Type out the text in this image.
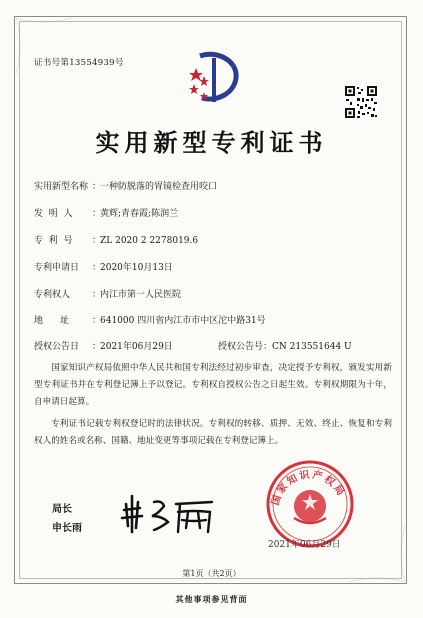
证书号第13554939号
实用新型专利证书
实用新型名称 ：一种防脱落的胃镜检查用咬口
发  明  人 ：黄辉;青春霞;陈润兰
专  利  号 ：ZL 2020 2 2278019.6
专利申请日 ：2020年10月13日
专利权人 ：内江市第一人民医院
地      址	：641000 四川省内江市市中区沱中路31号
授权公告日 ：2021年06月29日	授权公告号：CN 213551644 U
国家知识产权局依照中华人民共和国专利法经过初步审查，决定授予专利权，颁发实用新型专利证书并在专利登记簿上予以登记。专利权自授权公告之日起生效。专利权期限为十年，自申请日起算。
专利证书记载专利权登记时的法律状况。专利权的转移、质押、无效、终止、恢复和专利权人的姓名或名称、国籍、地址变更等事项记载在专利登记簿上。
局长
申长雨
国家知识产权局
2021年06月29日
第1页（共2页）
其他事项参见背面
